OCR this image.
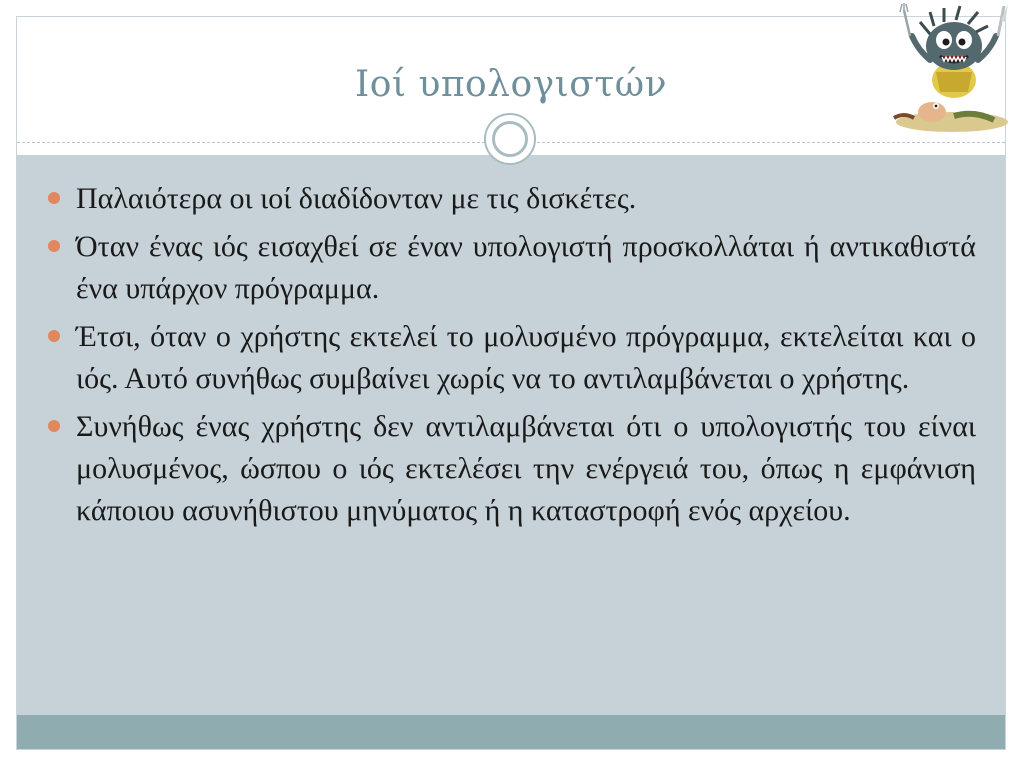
Ιοί υπολογιστών
Παλαιότερα οι ιοί διαδίδονταν με τις δισκέτες.
Όταν ένας ιός εισαχθεί σε έναν υπολογιστή προσκολλάται ή αντικαθιστά ένα υπάρχον πρόγραμμα.
Έτσι, όταν ο χρήστης εκτελεί το μολυσμένο πρόγραμμα, εκτελείται και ο ιός. Αυτό συνήθως συμβαίνει χωρίς να το αντιλαμβάνεται ο χρήστης.
Συνήθως ένας χρήστης δεν αντιλαμβάνεται ότι ο υπολογιστής του είναι μολυσμένος, ώσπου ο ιός εκτελέσει την ενέργειά του, όπως η εμφάνιση κάποιου ασυνήθιστου μηνύματος ή η καταστροφή ενός αρχείου.
